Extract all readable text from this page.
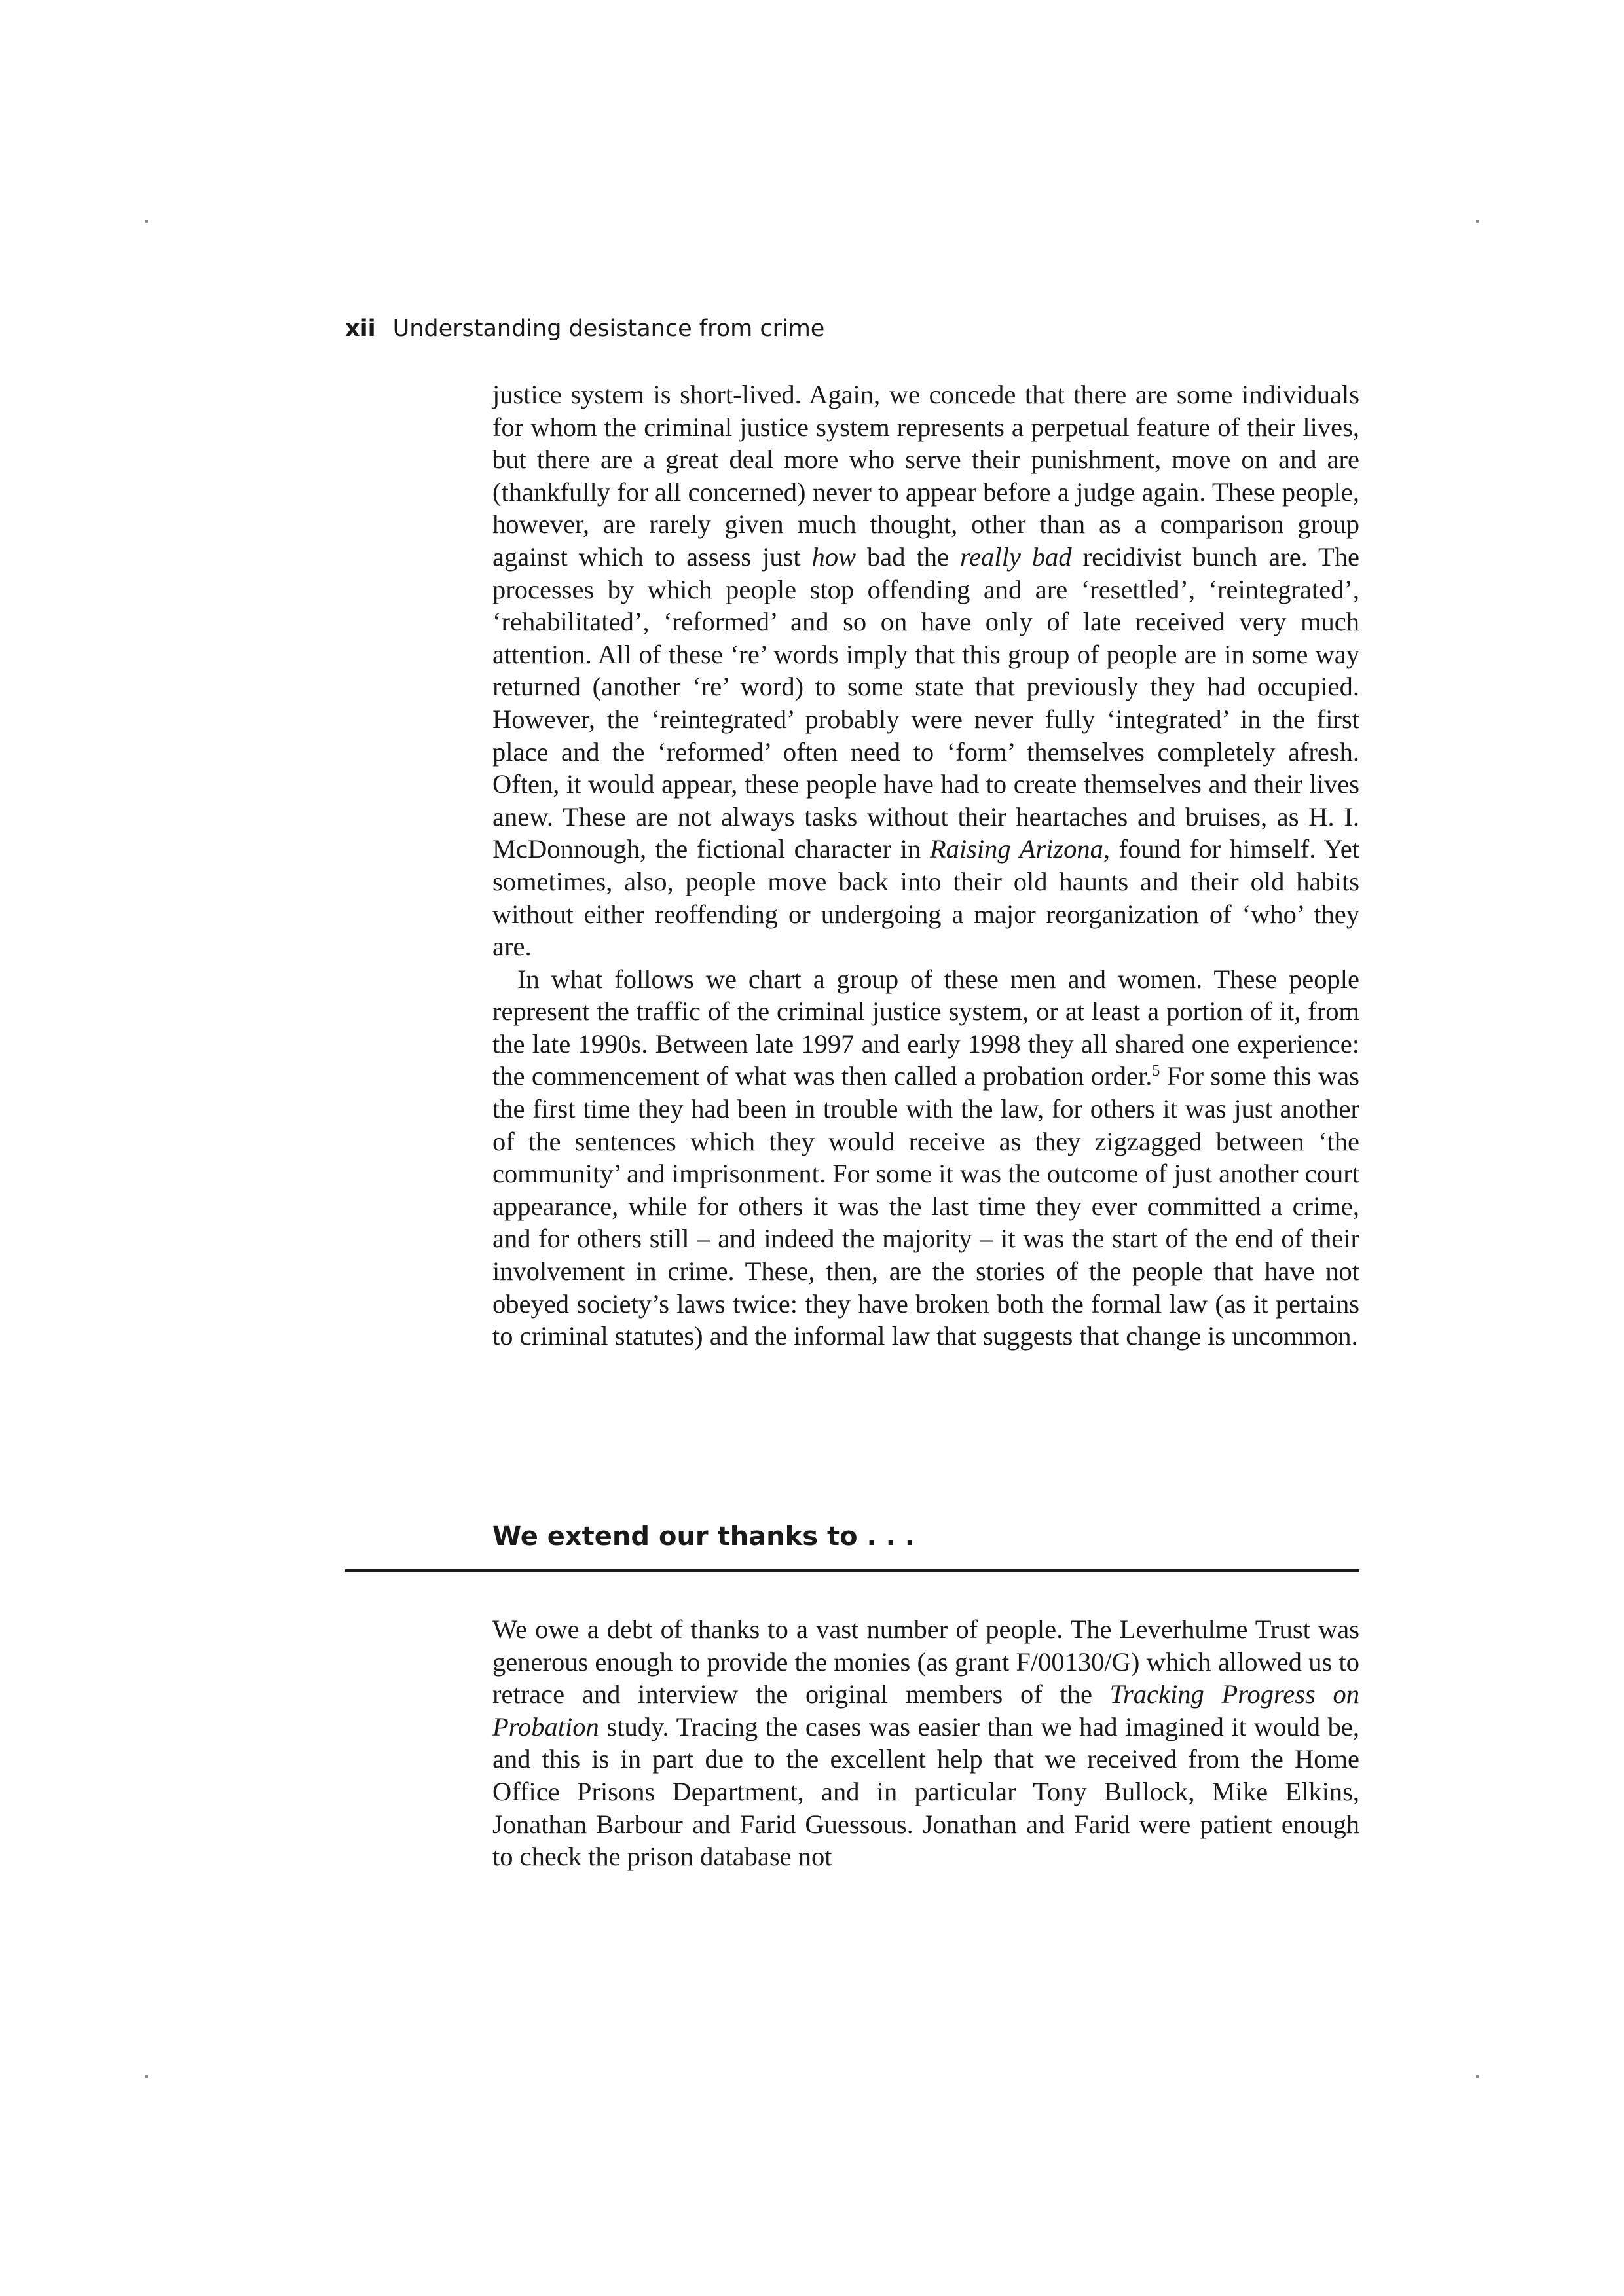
xii Understanding desistance from crime

justice system is short-lived. Again, we concede that there are some individuals for whom the criminal justice system represents a perpetual feature of their lives, but there are a great deal more who serve their punishment, move on and are (thankfully for all concerned) never to appear before a judge again. These people, however, are rarely given much thought, other than as a comparison group against which to assess just how bad the really bad recidivist bunch are. The processes by which people stop offending and are ‘resettled’, ‘reintegrated’, ‘rehabilitated’, ‘reformed’ and so on have only of late received very much attention. All of these ‘re’ words imply that this group of people are in some way returned (another ‘re’ word) to some state that previously they had occupied. However, the ‘reintegrated’ probably were never fully ‘integrated’ in the first place and the ‘reformed’ often need to ‘form’ themselves completely afresh. Often, it would appear, these people have had to create themselves and their lives anew. These are not always tasks without their heartaches and bruises, as H. I. McDonnough, the fictional character in Raising Arizona, found for himself. Yet sometimes, also, people move back into their old haunts and their old habits without either reoffending or undergoing a major reorganization of ‘who’ they are.

In what follows we chart a group of these men and women. These people represent the traffic of the criminal justice system, or at least a portion of it, from the late 1990s. Between late 1997 and early 1998 they all shared one experience: the commencement of what was then called a probation order.$^5$ For some this was the first time they had been in trouble with the law, for others it was just another of the sentences which they would receive as they zigzagged between ‘the community’ and imprisonment. For some it was the outcome of just another court appearance, while for others it was the last time they ever committed a crime, and for others still – and indeed the majority – it was the start of the end of their involvement in crime. These, then, are the stories of the people that have not obeyed society’s laws twice: they have broken both the formal law (as it pertains to criminal statutes) and the informal law that suggests that change is uncommon.

We extend our thanks to . . .

We owe a debt of thanks to a vast number of people. The Leverhulme Trust was generous enough to provide the monies (as grant F/00130/G) which allowed us to retrace and interview the original members of the Tracking Progress on Probation study. Tracing the cases was easier than we had imagined it would be, and this is in part due to the excellent help that we received from the Home Office Prisons Department, and in particular Tony Bullock, Mike Elkins, Jonathan Barbour and Farid Guessous. Jonathan and Farid were patient enough to check the prison database not
